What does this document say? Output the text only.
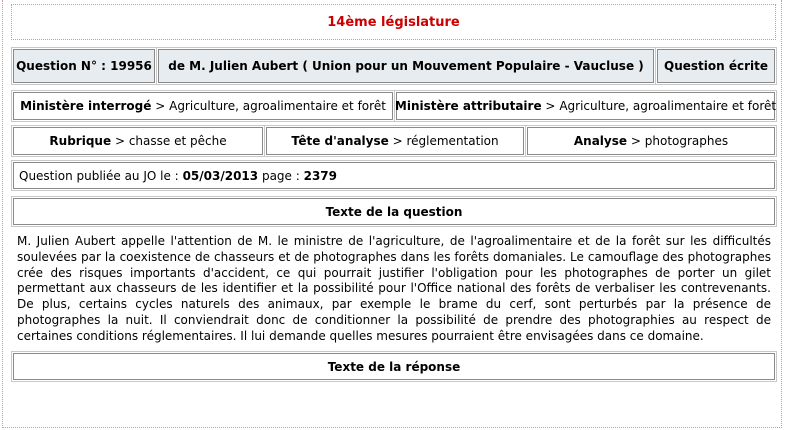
14ème législature
Question N° : 19956 de M. Julien Aubert ( Union pour un Mouvement Populaire - Vaucluse ) Question écrite
Ministère interrogé
>
Agriculture, agroalimentaire et forêt Ministère attributaire
>
Agriculture, agroalimentaire et forêt
Rubrique
>
chasse et pêche	Tête d'analyse
>
réglementation	Analyse
>
photographes
Question publiée au JO le :
05/03/2013
page :
2379
Texte de la question
M. Julien Aubert appelle l'attention de M. le ministre de l'agriculture, de l'agroalimentaire et de la forêt sur les difficultés soulevées par la coexistence de chasseurs et de photographes dans les forêts domaniales. Le camouflage des photographes crée des risques importants d'accident, ce qui pourrait justifier l'obligation pour les photographes de porter un gilet permettant aux chasseurs de les identifier et la possibilité pour l'Office national des forêts de verbaliser les contrevenants. De plus, certains cycles naturels des animaux, par exemple le brame du cerf, sont perturbés par la présence de photographes la nuit. Il conviendrait donc de conditionner la possibilité de prendre des photographies au respect de certaines conditions réglementaires. Il lui demande quelles mesures pourraient être envisagées dans ce domaine.
Texte de la réponse
